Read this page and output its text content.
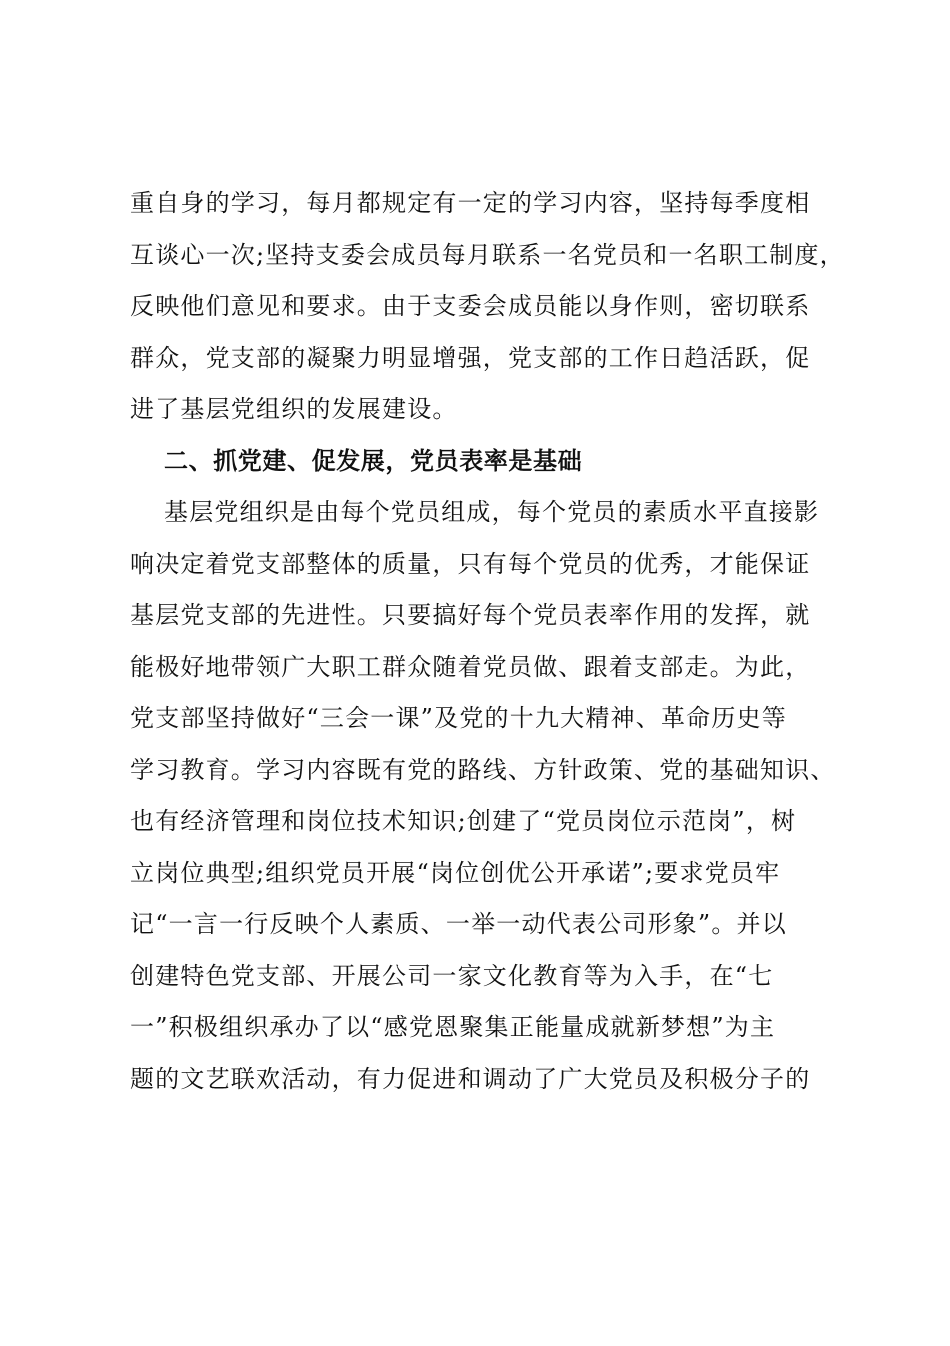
重自身的学习，每月都规定有一定的学习内容，坚持每季度相
互谈心一次;坚持支委会成员每月联系一名党员和一名职工制度，
反映他们意见和要求。由于支委会成员能以身作则，密切联系
群众，党支部的凝聚力明显增强，党支部的工作日趋活跃，促
进了基层党组织的发展建设。
二、抓党建、促发展，党员表率是基础
基层党组织是由每个党员组成，每个党员的素质水平直接影
响决定着党支部整体的质量，只有每个党员的优秀，才能保证
基层党支部的先进性。只要搞好每个党员表率作用的发挥，就
能极好地带领广大职工群众随着党员做、跟着支部走。为此，
党支部坚持做好“三会一课”及党的十九大精神、革命历史等
学习教育。学习内容既有党的路线、方针政策、党的基础知识、
也有经济管理和岗位技术知识;创建了“党员岗位示范岗”，树
立岗位典型;组织党员开展“岗位创优公开承诺”;要求党员牢
记“一言一行反映个人素质、一举一动代表公司形象”。并以
创建特色党支部、开展公司一家文化教育等为入手，在“七
一”积极组织承办了以“感党恩聚集正能量成就新梦想”为主
题的文艺联欢活动，有力促进和调动了广大党员及积极分子的
